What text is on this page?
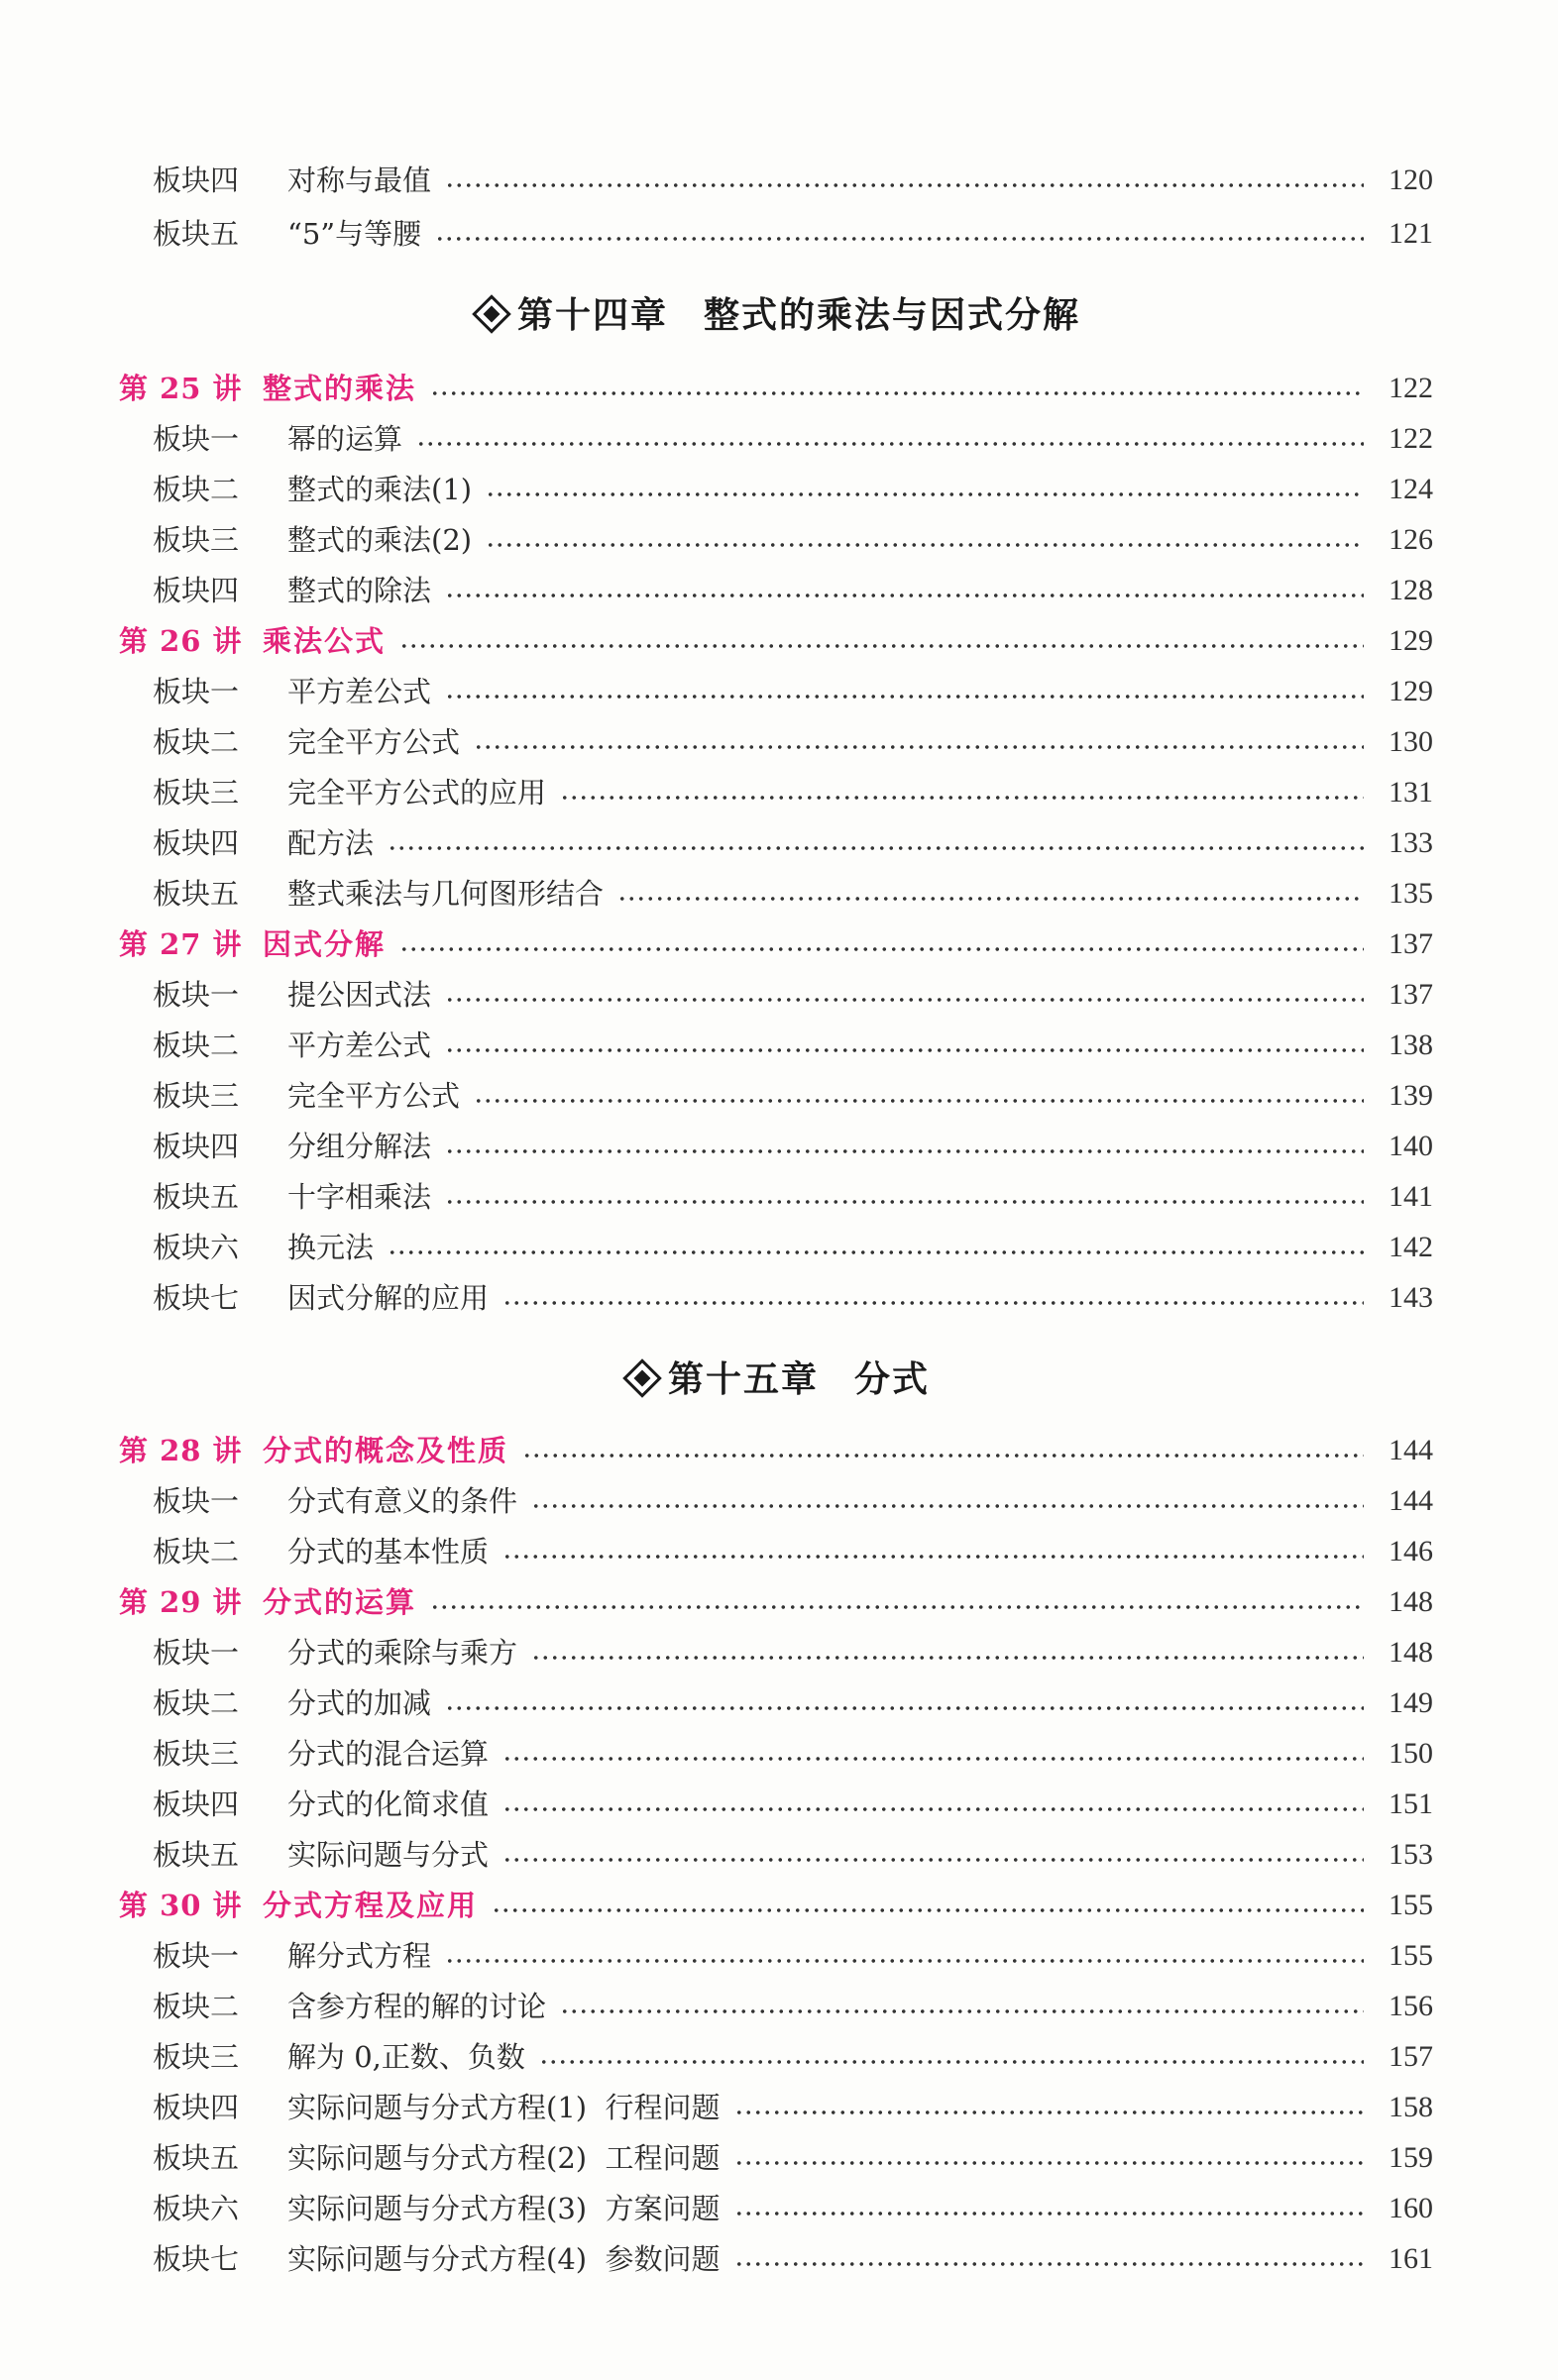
板块四	对称与最值	120
板块五	“5”与等腰	121
第十四章 整式的乘法与因式分解
第 25 讲 整式的乘法	122
板块一	幂的运算	122
板块二	整式的乘法(1)	124
板块三	整式的乘法(2)	126
板块四	整式的除法	128
第 26 讲 乘法公式	129
板块一	平方差公式	129
板块二	完全平方公式	130
板块三	完全平方公式的应用	131
板块四	配方法	133
板块五	整式乘法与几何图形结合	135
第 27 讲 因式分解	137
板块一	提公因式法	137
板块二	平方差公式	138
板块三	完全平方公式	139
板块四	分组分解法	140
板块五	十字相乘法	141
板块六	换元法	142
板块七	因式分解的应用	143
第十五章 分式
第 28 讲 分式的概念及性质	144
板块一	分式有意义的条件	144
板块二	分式的基本性质	146
第 29 讲 分式的运算	148
板块一	分式的乘除与乘方	148
板块二	分式的加减	149
板块三	分式的混合运算	150
板块四	分式的化简求值	151
板块五	实际问题与分式	153
第 30 讲 分式方程及应用	155
板块一	解分式方程	155
板块二	含参方程的解的讨论	156
板块三	解为 0,正数、负数	157
板块四	实际问题与分式方程(1)  行程问题	158
板块五	实际问题与分式方程(2)  工程问题	159
板块六	实际问题与分式方程(3)  方案问题	160
板块七	实际问题与分式方程(4)  参数问题	161
